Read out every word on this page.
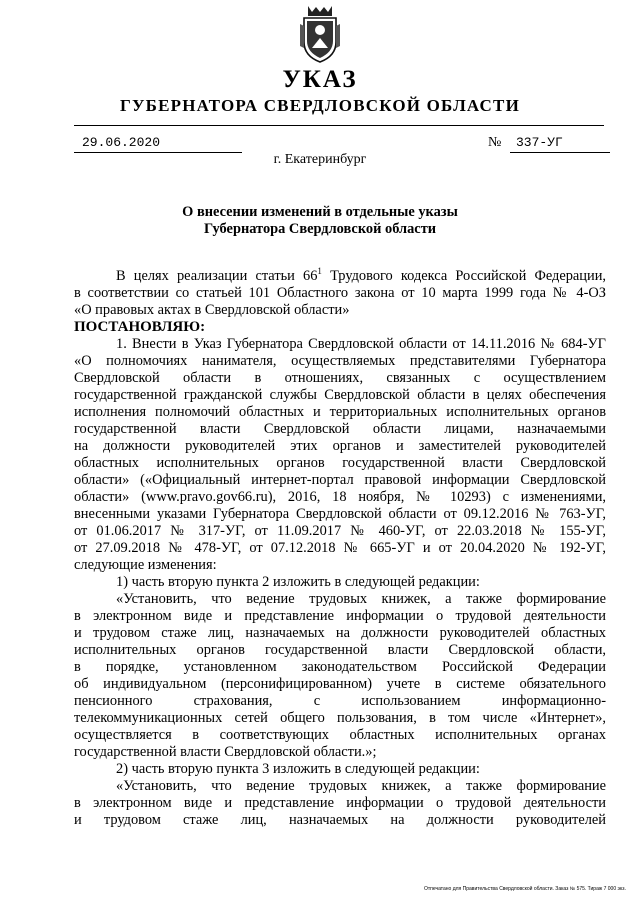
УКАЗ
ГУБЕРНАТОРА СВЕРДЛОВСКОЙ ОБЛАСТИ
29.06.2020	№	337-УГ
г. Екатеринбург
О внесении изменений в отдельные указы
Губернатора Свердловской области

В целях реализации статьи $66^1$ Трудового кодекса Российской Федерации,

в соответствии со статьей 101 Областного закона от 10 марта 1999 года № 4-ОЗ

«О правовых актах в Свердловской области»

ПОСТАНОВЛЯЮ:

1. Внести в Указ Губернатора Свердловской области от 14.11.2016 № 684-УГ

«О полномочиях нанимателя, осуществляемых представителями Губернатора

Свердловской области в отношениях, связанных с осуществлением

государственной гражданской службы Свердловской области в целях обеспечения

исполнения полномочий областных и территориальных исполнительных органов

государственной власти Свердловской области лицами, назначаемыми

на должности руководителей этих органов и заместителей руководителей

областных исполнительных органов государственной власти Свердловской

области» («Официальный интернет-портал правовой информации Свердловской

области» (www.pravo.gov66.ru), 2016, 18 ноября, № 10293) с изменениями,

внесенными указами Губернатора Свердловской области от 09.12.2016 № 763-УГ,

от 01.06.2017 № 317-УГ, от 11.09.2017 № 460-УГ, от 22.03.2018 № 155-УГ,

от 27.09.2018 № 478-УГ, от 07.12.2018 № 665-УГ и от 20.04.2020 № 192-УГ,

следующие изменения:

1) часть вторую пункта 2 изложить в следующей редакции:

«Установить, что ведение трудовых книжек, а также формирование

в электронном виде и представление информации о трудовой деятельности

и трудовом стаже лиц, назначаемых на должности руководителей областных

исполнительных органов государственной власти Свердловской области,

в порядке, установленном законодательством Российской Федерации

об индивидуальном (персонифицированном) учете в системе обязательного

пенсионного страхования, с использованием информационно-

телекоммуникационных сетей общего пользования, в том числе «Интернет»,

осуществляется в соответствующих областных исполнительных органах

государственной власти Свердловской области.»;

2) часть вторую пункта 3 изложить в следующей редакции:

«Установить, что ведение трудовых книжек, а также формирование

в электронном виде и представление информации о трудовой деятельности

и трудовом стаже лиц, назначаемых на должности руководителей

Отпечатано для Правительства Свердловской области. Заказ № 575. Тираж 7 000 экз.
